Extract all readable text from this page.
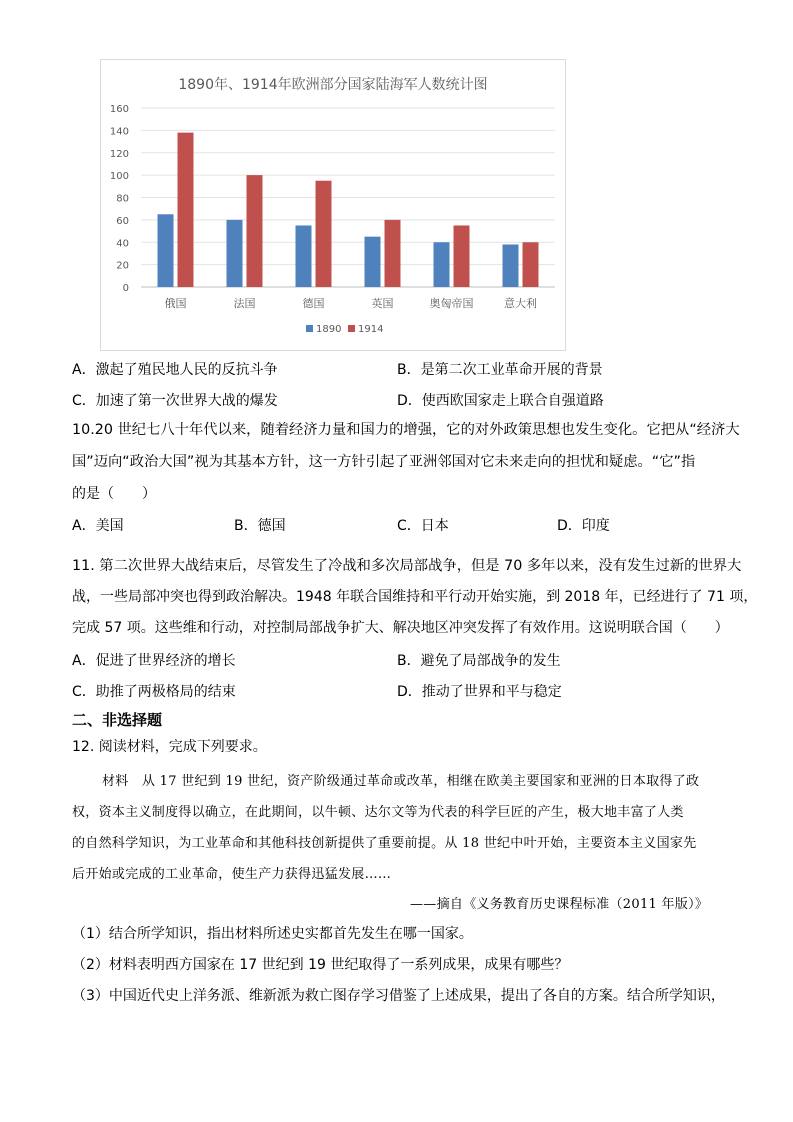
1890年、1914年欧洲部分国家陆海军人数统计图
0
20
40
60
80
100
120
140
160
俄国	法国	德国	英国	奥匈帝国	意大利
1890 1914
A．激起了殖民地人民的反抗斗争	B．是第二次工业革命开展的背景
C．加速了第一次世界大战的爆发	D．使西欧国家走上联合自强道路
10.20 世纪七八十年代以来，随着经济力量和国力的增强，它的对外政策思想也发生变化。它把从“经济大
国”迈向“政治大国”视为其基本方针，这一方针引起了亚洲邻国对它未来走向的担忧和疑虑。“它”指
的是（　　）
A．美国	B．德国	C．日本	D．印度
11. 第二次世界大战结束后，尽管发生了冷战和多次局部战争，但是 70 多年以来，没有发生过新的世界大
战，一些局部冲突也得到政治解决。1948 年联合国维持和平行动开始实施，到 2018 年，已经进行了 71 项，
完成 57 项。这些维和行动，对控制局部战争扩大、解决地区冲突发挥了有效作用。这说明联合国（　　）
A．促进了世界经济的增长	B．避免了局部战争的发生
C．助推了两极格局的结束	D．推动了世界和平与稳定
二、非选择题
12. 阅读材料，完成下列要求。
材料　从 17 世纪到 19 世纪，资产阶级通过革命或改革，相继在欧美主要国家和亚洲的日本取得了政
权，资本主义制度得以确立，在此期间，以牛顿、达尔文等为代表的科学巨匠的产生，极大地丰富了人类
的自然科学知识，为工业革命和其他科技创新提供了重要前提。从 18 世纪中叶开始，主要资本主义国家先
后开始或完成的工业革命，使生产力获得迅猛发展……
——摘自《义务教育历史课程标准（2011 年版）》
（1）结合所学知识，指出材料所述史实都首先发生在哪一国家。
（2）材料表明西方国家在 17 世纪到 19 世纪取得了一系列成果，成果有哪些？
（3）中国近代史上洋务派、维新派为救亡图存学习借鉴了上述成果，提出了各自的方案。结合所学知识，
